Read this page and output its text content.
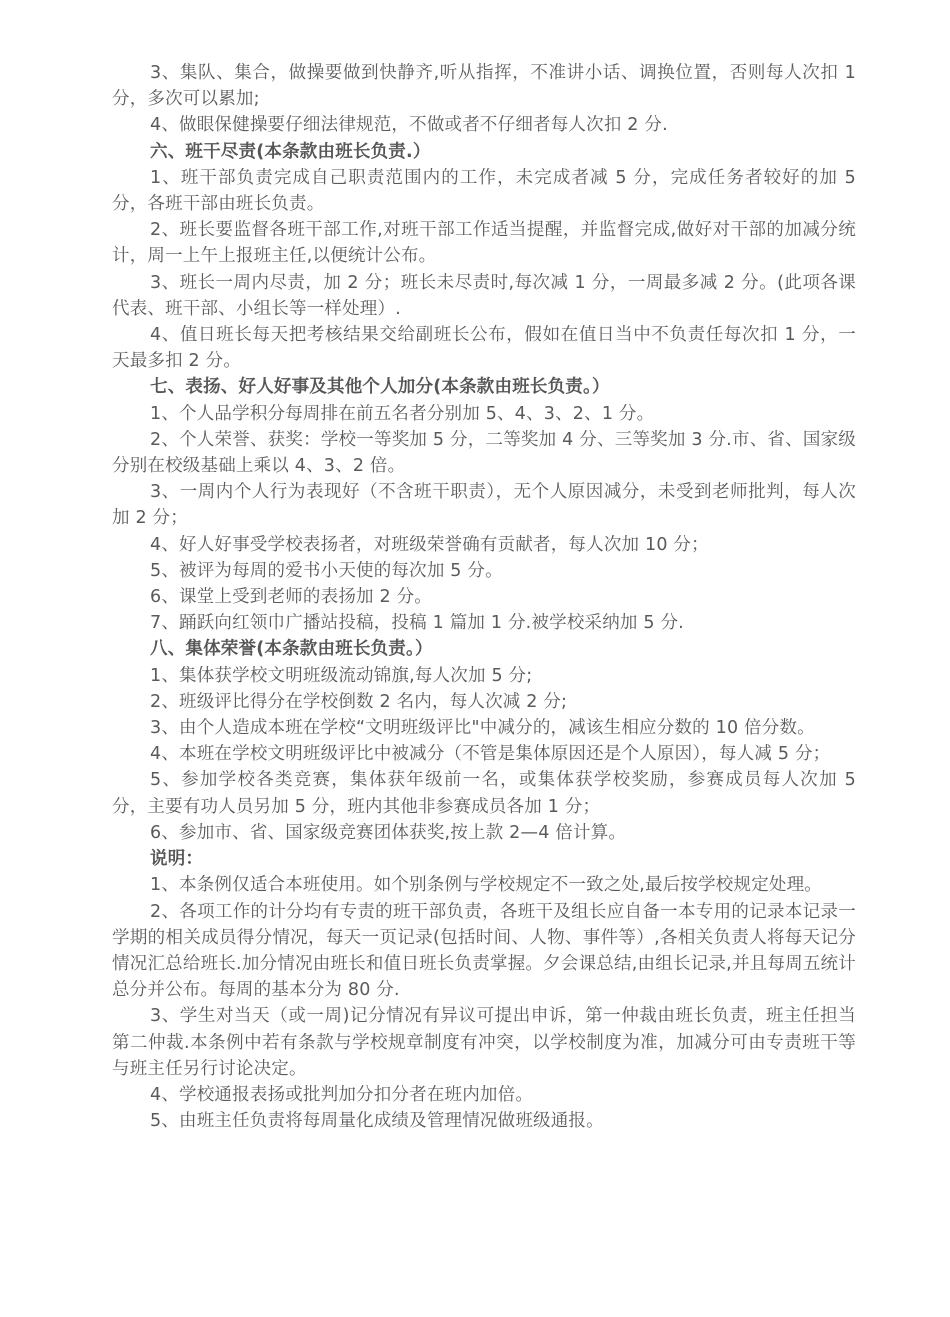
3、集队、集合，做操要做到快静齐,听从指挥，不准讲小话、调换位置，否则每人次扣 1 分，多次可以累加;

4、做眼保健操要仔细法律规范，不做或者不仔细者每人次扣 2 分.

六、班干尽责(本条款由班长负责.）

1、班干部负责完成自己职责范围内的工作，未完成者减 5 分，完成任务者较好的加 5 分，各班干部由班长负责。

2、班长要监督各班干部工作,对班干部工作适当提醒，并监督完成,做好对干部的加减分统计，周一上午上报班主任,以便统计公布。

3、班长一周内尽责，加 2 分；班长未尽责时,每次减 1 分，一周最多减 2 分。(此项各课代表、班干部、小组长等一样处理）.

4、值日班长每天把考核结果交给副班长公布，假如在值日当中不负责任每次扣 1 分，一天最多扣 2 分。

七、表扬、好人好事及其他个人加分(本条款由班长负责。）

1、个人品学积分每周排在前五名者分别加 5、4、3、2、1 分。

2、个人荣誉、获奖：学校一等奖加 5 分，二等奖加 4 分、三等奖加 3 分.市、省、国家级分别在校级基础上乘以 4、3、2 倍。

3、一周内个人行为表现好（不含班干职责），无个人原因减分，未受到老师批判，每人次加 2 分；

4、好人好事受学校表扬者，对班级荣誉确有贡献者，每人次加 10 分；

5、被评为每周的爱书小天使的每次加 5 分。

6、课堂上受到老师的表扬加 2 分。

7、踊跃向红领巾广播站投稿，投稿 1 篇加 1 分.被学校采纳加 5 分.

八、集体荣誉(本条款由班长负责。）

1、集体获学校文明班级流动锦旗,每人次加 5 分;

2、班级评比得分在学校倒数 2 名内，每人次减 2 分;

3、由个人造成本班在学校“文明班级评比"中减分的，减该生相应分数的 10 倍分数。

4、本班在学校文明班级评比中被减分（不管是集体原因还是个人原因），每人减 5 分；

5、参加学校各类竞赛，集体获年级前一名，或集体获学校奖励，参赛成员每人次加 5 分，主要有功人员另加 5 分，班内其他非参赛成员各加 1 分；

6、参加市、省、国家级竞赛团体获奖,按上款 2—4 倍计算。

说明：

1、本条例仅适合本班使用。如个别条例与学校规定不一致之处,最后按学校规定处理。

2、各项工作的计分均有专责的班干部负责，各班干及组长应自备一本专用的记录本记录一学期的相关成员得分情况，每天一页记录(包括时间、人物、事件等）,各相关负责人将每天记分情况汇总给班长.加分情况由班长和值日班长负责掌握。夕会课总结,由组长记录,并且每周五统计总分并公布。每周的基本分为 80 分.

3、学生对当天（或一周)记分情况有异议可提出申诉，第一仲裁由班长负责，班主任担当第二仲裁.本条例中若有条款与学校规章制度有冲突，以学校制度为准，加减分可由专责班干等与班主任另行讨论决定。

4、学校通报表扬或批判加分扣分者在班内加倍。

5、由班主任负责将每周量化成绩及管理情况做班级通报。
